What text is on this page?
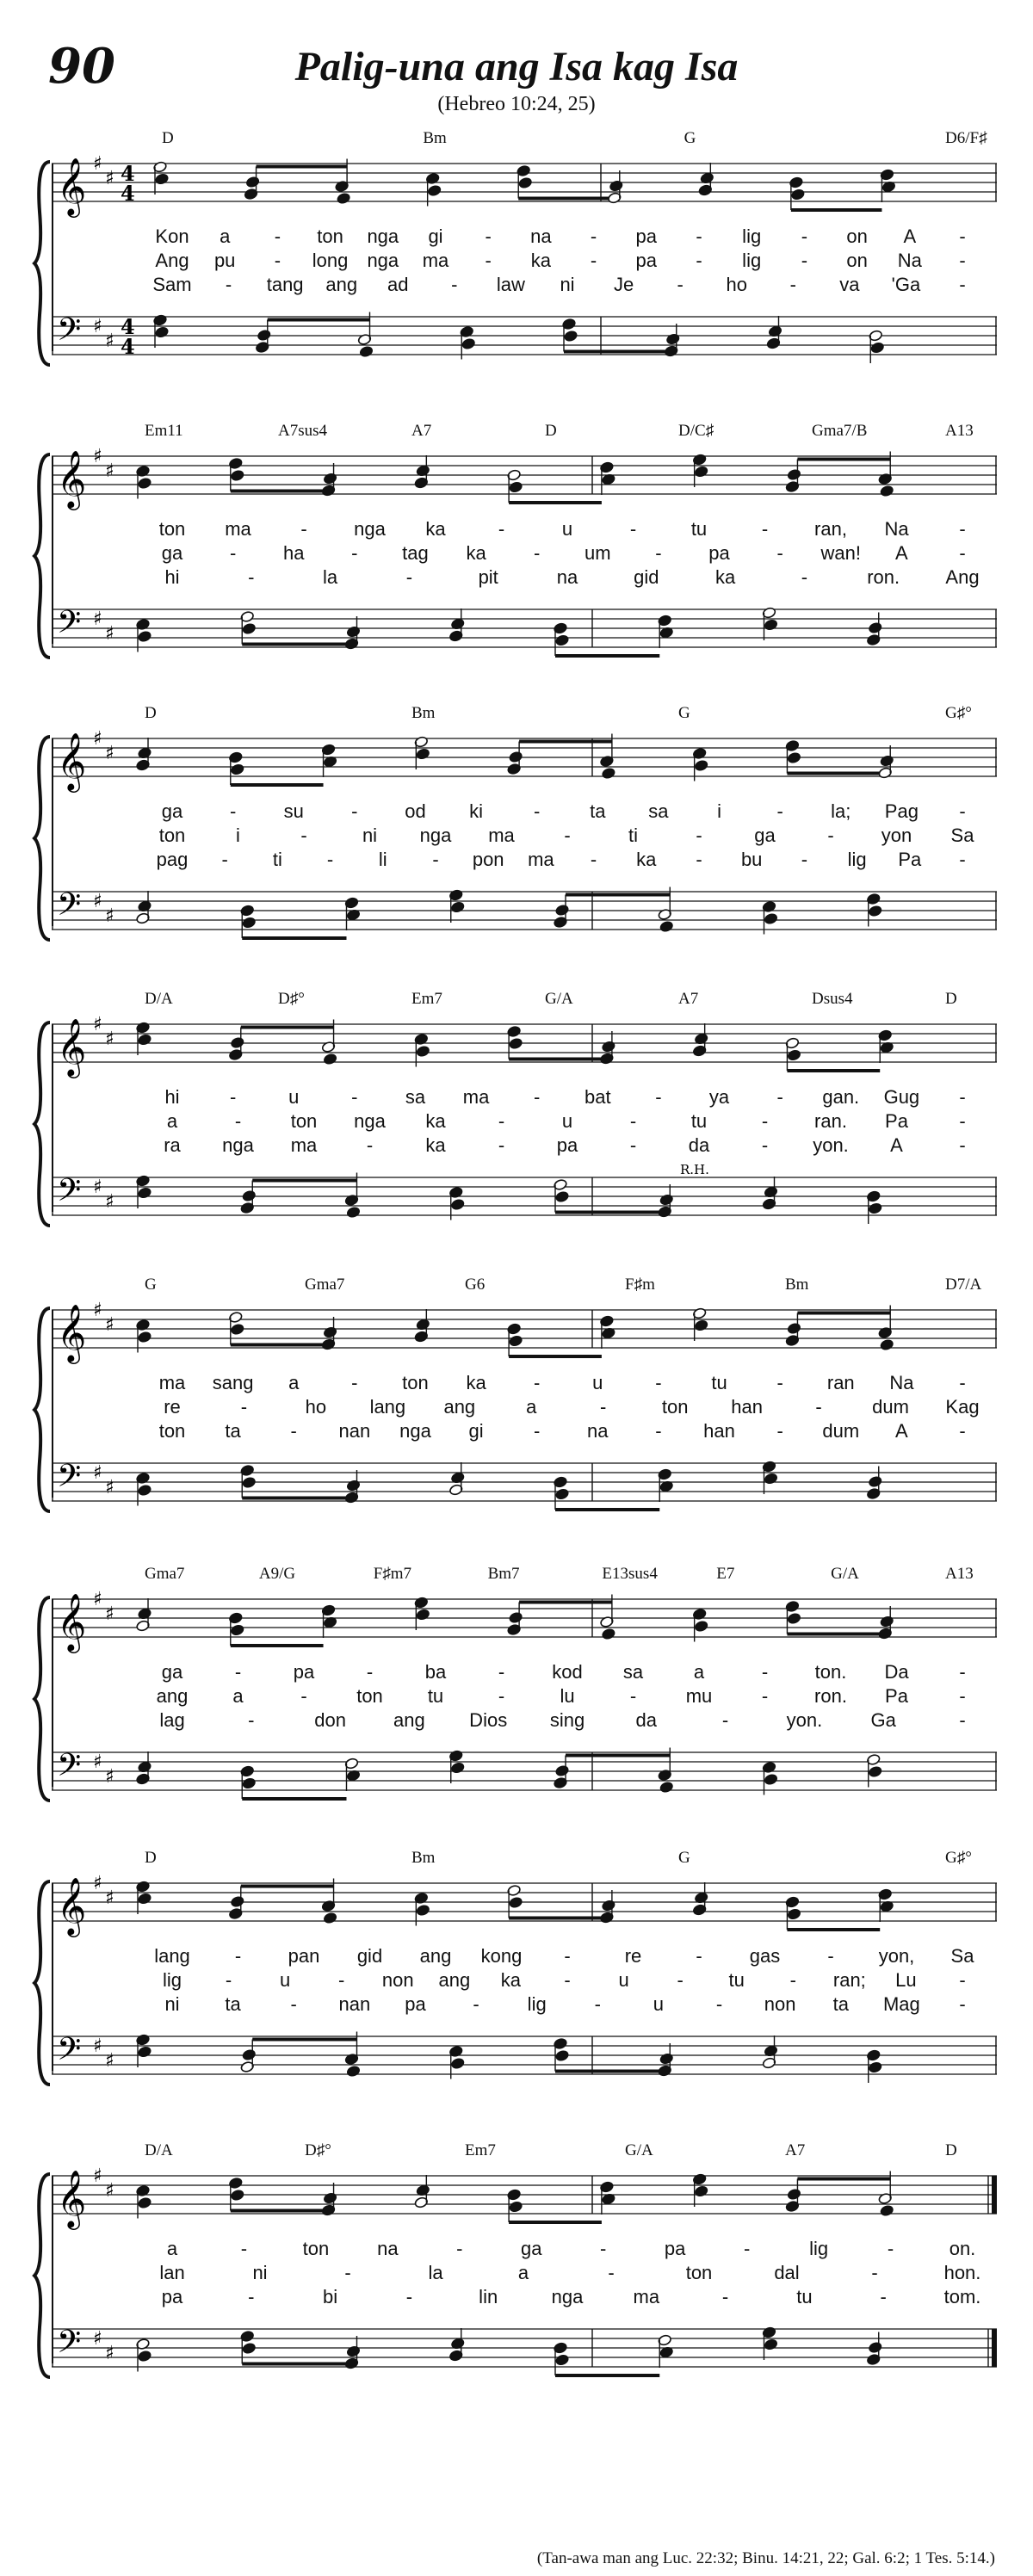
90	Palig-una ang Isa kag Isa
(Hebreo 10:24, 25)
D	Bm	G	D6/F♯
𝄞 ♯
♯ 4
4
Kon a - ton nga gi - na - pa - lig - on A -
Ang pu - long nga ma - ka - pa - lig - on Na -
Sam - tang ang ad - law ni Je - ho - va 'Ga -
𝄢 ♯
♯
4
4
Em11	A7sus4	A7	D	D/C♯	Gma7/B	A13
𝄞 ♯
♯
ton ma	- nga ka	-	u	-	tu	- ran, Na	-
ga - ha - tag ka	- um - pa - wan! A	-
hi	-	la	-	pit	na	gid	ka	-	ron. Ang
𝄢 ♯
♯
D	Bm	G	G♯°
𝄞 ♯
♯
ga -	su	- od ki	-	ta sa	i	-	la; Pag -
ton	i	-	ni nga ma	-	ti	-	ga	-	yon Sa
pag - ti - li - pon ma - ka - bu - lig Pa -
𝄢 ♯
♯
D/A	D♯°	Em7	G/A	A7	Dsus4	D
𝄞 ♯
♯
hi	-	u	-	sa ma - bat -	ya	- gan. Gug -
a	-	ton nga ka	-	u	-	tu	- ran. Pa	-
ra nga ma	-	ka	-	pa	-	da	- yon. A	-
𝄢 ♯
♯
R.H.
G	Gma7	G6	F♯m	Bm	D7/A
𝄞 ♯
♯
ma sang a	- ton ka	-	u	-	tu	- ran Na -
re	-	ho lang ang	a	-	ton han	-	dum Kag
ton ta	- nan nga gi	- na - han - dum A	-
𝄢 ♯
♯
Gma7	A9/G	F♯m7	Bm7	E13sus4	E7	G/A	A13
𝄞 ♯
♯
ga	-	pa	-	ba	-	kod sa	a	- ton. Da	-
ang a	-	ton tu	-	lu	-	mu	- ron. Pa	-
lag	-	don	ang Dios sing	da	-	yon.	Ga	-
𝄢 ♯
♯
D	Bm	G	G♯°
𝄞 ♯
♯
lang - pan gid ang kong -	re	-	gas	- yon, Sa
lig -	u	- non ang ka -	u	- tu - ran; Lu -
ni ta	- nan pa -	lig	-	u	- non ta Mag -
𝄢 ♯
♯
D/A	D♯°	Em7	G/A	A7	D
𝄞 ♯
♯
a	-	ton	na	-	ga	-	pa	-	lig	-	on.
lan	ni	-	la	a	-	ton	dal	-	hon.
pa	-	bi	-	lin	nga	ma	-	tu	-	tom.
𝄢 ♯
♯
(Tan-awa man ang Luc. 22:32; Binu. 14:21, 22; Gal. 6:2; 1 Tes. 5:14.)
